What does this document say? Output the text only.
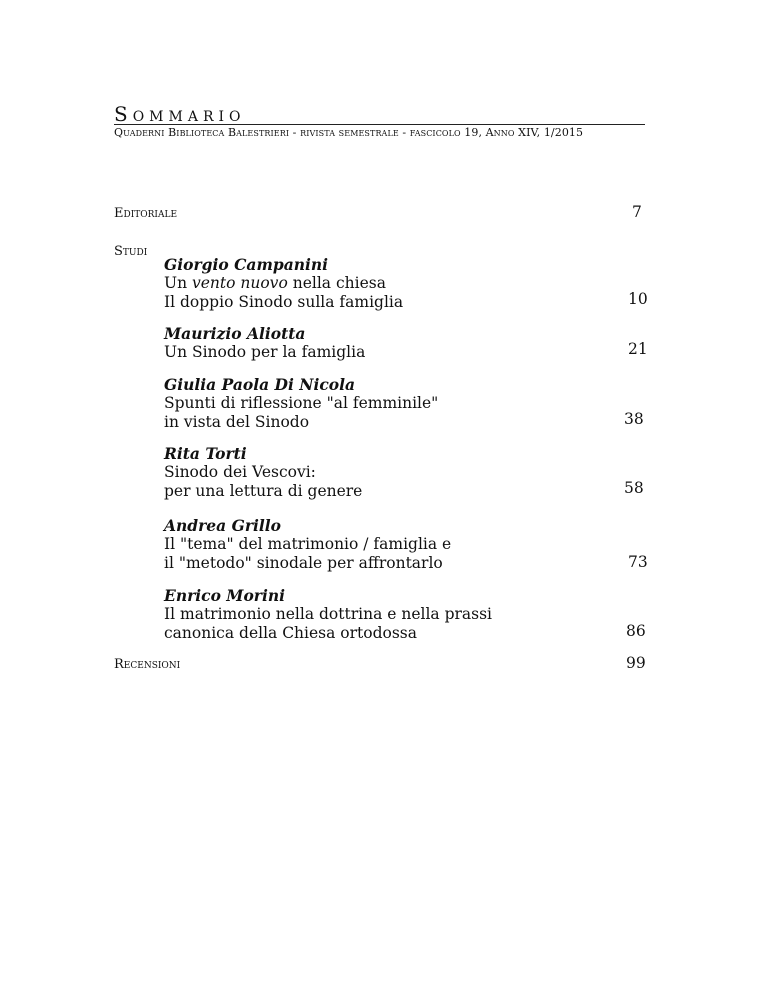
Sommario
Quaderni Biblioteca Balestrieri - rivista semestrale - fascicolo 19, Anno XIV, 1/2015
Editoriale	7
Studi
Giorgio Campanini
Un vento nuovo nella chiesa
Il doppio Sinodo sulla famiglia	10
Maurizio Aliotta
Un Sinodo per la famiglia	21
Giulia Paola Di Nicola
Spunti di riflessione "al femminile"
in vista del Sinodo	38
Rita Torti
Sinodo dei Vescovi:
per una lettura di genere	58
Andrea Grillo
Il "tema" del matrimonio / famiglia e
il "metodo" sinodale per affrontarlo	73
Enrico Morini
Il matrimonio nella dottrina e nella prassi
canonica della Chiesa ortodossa	86
Recensioni	99
